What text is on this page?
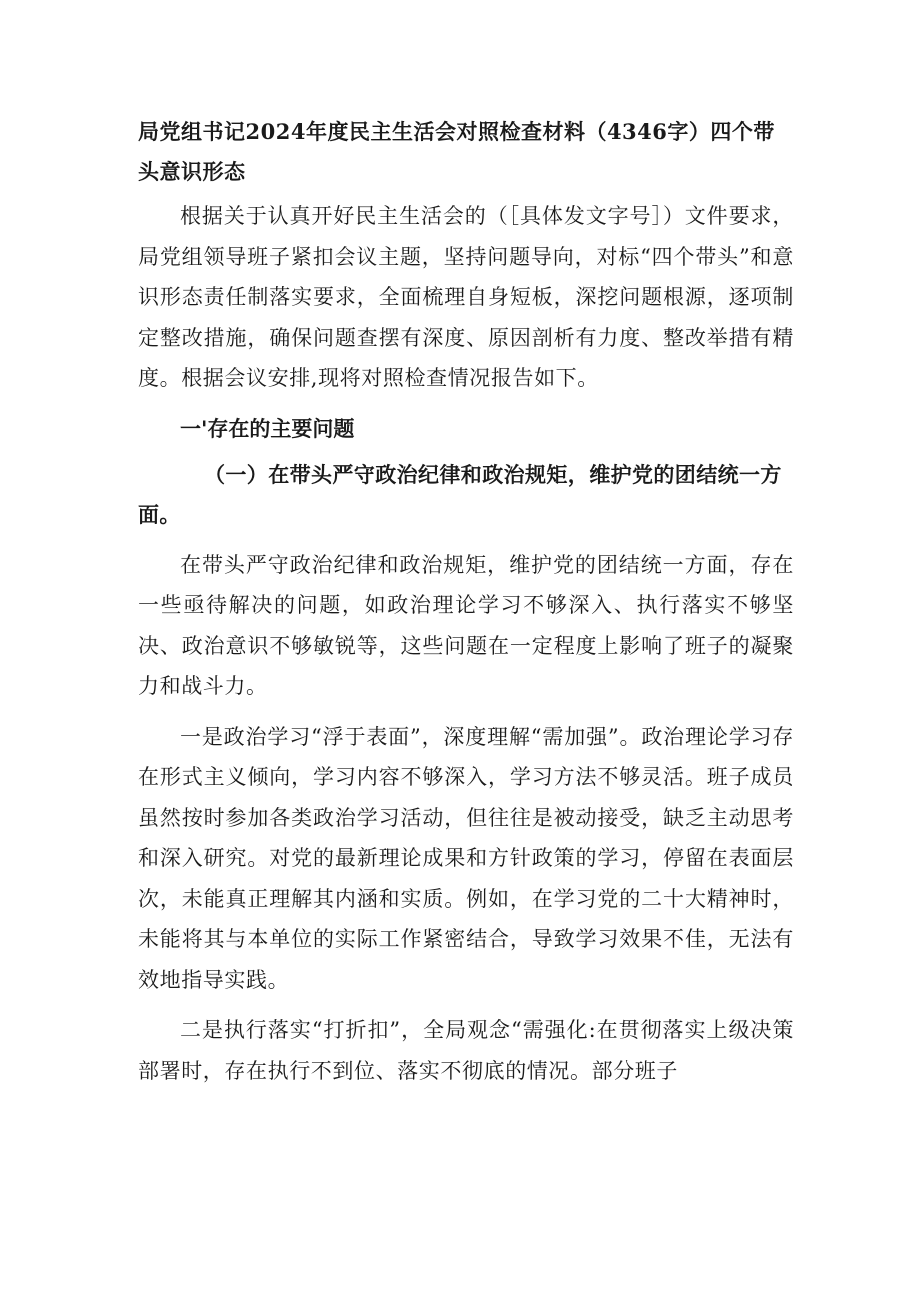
局党组书记2024年度民主生活会对照检查材料（4346字）四个带头意识形态

根据关于认真开好民主生活会的（［具体发文字号］）文件要求，局党组领导班子紧扣会议主题，坚持问题导向，对标“四个带头”和意识形态责任制落实要求，全面梳理自身短板，深挖问题根源，逐项制定整改措施，确保问题查摆有深度、原因剖析有力度、整改举措有精度。根据会议安排,现将对照检查情况报告如下。

一'存在的主要问题
（一）在带头严守政治纪律和政治规矩，维护党的团结统一方面。

在带头严守政治纪律和政治规矩，维护党的团结统一方面，存在一些亟待解决的问题，如政治理论学习不够深入、执行落实不够坚决、政治意识不够敏锐等，这些问题在一定程度上影响了班子的凝聚力和战斗力。

一是政治学习“浮于表面”，深度理解“需加强”。政治理论学习存在形式主义倾向，学习内容不够深入，学习方法不够灵活。班子成员虽然按时参加各类政治学习活动，但往往是被动接受，缺乏主动思考和深入研究。对党的最新理论成果和方针政策的学习，停留在表面层次，未能真正理解其内涵和实质。例如，在学习党的二十大精神时，未能将其与本单位的实际工作紧密结合，导致学习效果不佳，无法有效地指导实践。

二是执行落实“打折扣”，全局观念“需强化:在贯彻落实上级决策部署时，存在执行不到位、落实不彻底的情况。部分班子
